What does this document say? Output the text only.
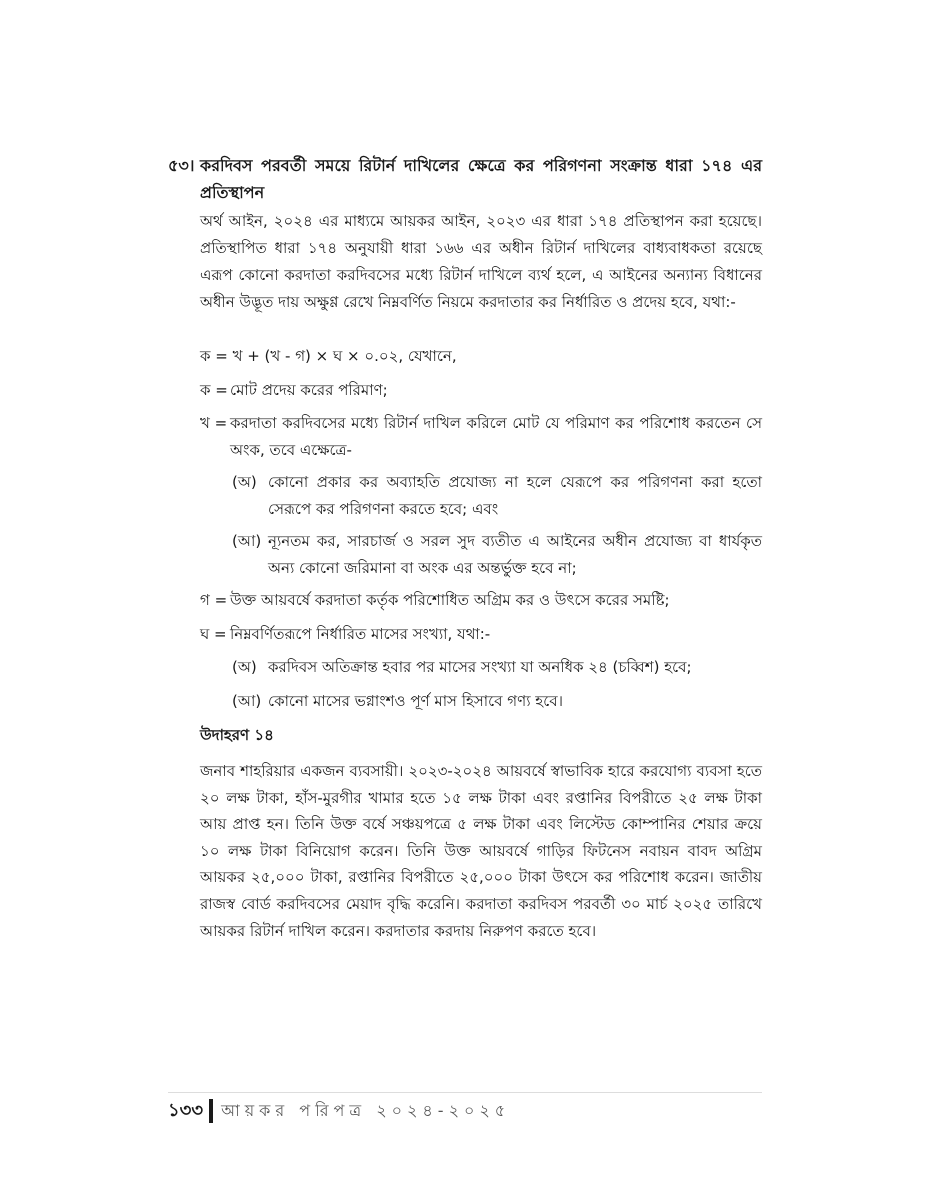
৫৩। করদিবস পরবর্তী সময়ে রিটার্ন দাখিলের ক্ষেত্রে কর পরিগণনা সংক্রান্ত ধারা ১৭৪ এর প্রতিস্থাপন
অর্থ আইন, ২০২৪ এর মাধ্যমে আয়কর আইন, ২০২৩ এর ধারা ১৭৪ প্রতিস্থাপন করা হয়েছে। প্রতিস্থাপিত ধারা ১৭৪ অনুযায়ী ধারা ১৬৬ এর অধীন রিটার্ন দাখিলের বাধ্যবাধকতা রয়েছে এরূপ কোনো করদাতা করদিবসের মধ্যে রিটার্ন দাখিলে ব্যর্থ হলে, এ আইনের অন্যান্য বিধানের অধীন উদ্ভূত দায় অক্ষুণ্ণ রেখে নিম্নবর্ণিত নিয়মে করদাতার কর নির্ধারিত ও প্রদেয় হবে, যথা:-
ক = খ + (খ - গ) × ঘ × ০.০২, যেখানে,
ক = মোট প্রদেয় করের পরিমাণ;
খ = করদাতা করদিবসের মধ্যে রিটার্ন দাখিল করিলে মোট যে পরিমাণ কর পরিশোধ করতেন সে অংক, তবে এক্ষেত্রে-
(অ) কোনো প্রকার কর অব্যাহতি প্রযোজ্য না হলে যেরূপে কর পরিগণনা করা হতো সেরূপে কর পরিগণনা করতে হবে; এবং
(আ) ন্যূনতম কর, সারচার্জ ও সরল সুদ ব্যতীত এ আইনের অধীন প্রযোজ্য বা ধার্যকৃত অন্য কোনো জরিমানা বা অংক এর অন্তর্ভুক্ত হবে না;
গ = উক্ত আয়বর্ষে করদাতা কর্তৃক পরিশোধিত অগ্রিম কর ও উৎসে করের সমষ্টি;
ঘ = নিম্নবর্ণিতরূপে নির্ধারিত মাসের সংখ্যা, যথা:-
(অ) করদিবস অতিক্রান্ত হবার পর মাসের সংখ্যা যা অনধিক ২৪ (চব্বিশ) হবে;
(আ) কোনো মাসের ভগ্নাংশও পূর্ণ মাস হিসাবে গণ্য হবে।
উদাহরণ ১৪
জনাব শাহরিয়ার একজন ব্যবসায়ী। ২০২৩-২০২৪ আয়বর্ষে স্বাভাবিক হারে করযোগ্য ব্যবসা হতে ২০ লক্ষ টাকা, হাঁস-মুরগীর খামার হতে ১৫ লক্ষ টাকা এবং রপ্তানির বিপরীতে ২৫ লক্ষ টাকা আয় প্রাপ্ত হন। তিনি উক্ত বর্ষে সঞ্চয়পত্রে ৫ লক্ষ টাকা এবং লিস্টেড কোম্পানির শেয়ার ক্রয়ে ১০ লক্ষ টাকা বিনিয়োগ করেন। তিনি উক্ত আয়বর্ষে গাড়ির ফিটনেস নবায়ন বাবদ অগ্রিম আয়কর ২৫,০০০ টাকা, রপ্তানির বিপরীতে ২৫,০০০ টাকা উৎসে কর পরিশোধ করেন। জাতীয় রাজস্ব বোর্ড করদিবসের মেয়াদ বৃদ্ধি করেনি। করদাতা করদিবস পরবর্তী ৩০ মার্চ ২০২৫ তারিখে আয়কর রিটার্ন দাখিল করেন। করদাতার করদায় নিরুপণ করতে হবে।
১৩৩ আয়কর পরিপত্র ২০২৪-২০২৫
